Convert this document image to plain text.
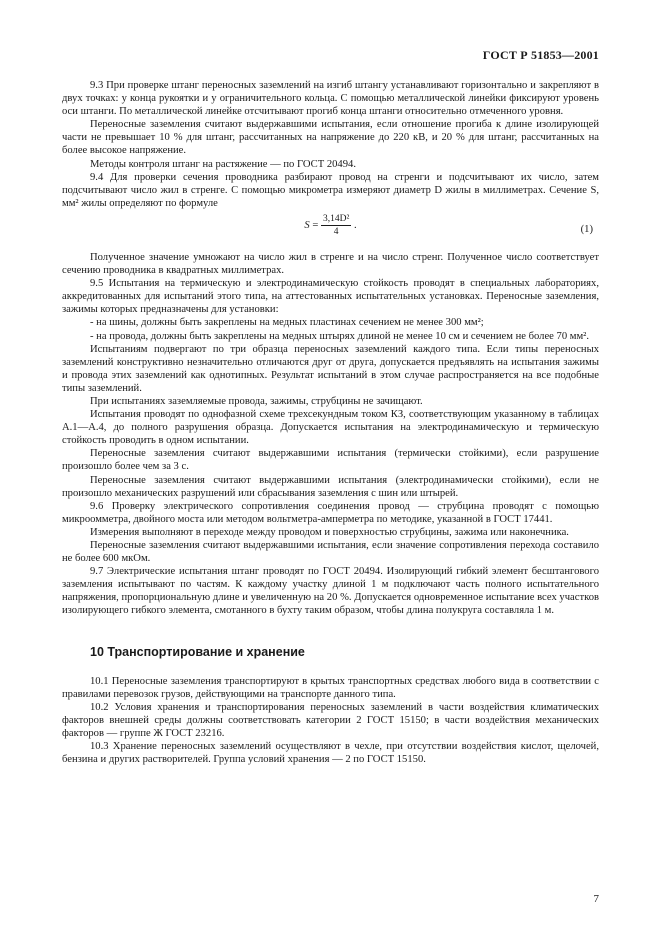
ГОСТ Р 51853—2001

9.3 При проверке штанг переносных заземлений на изгиб штангу устанавливают горизонтально и закрепляют в двух точках: у конца рукоятки и у ограничительного кольца. С помощью металлической линейки фиксируют уровень оси штанги. По металлической линейке отсчитывают прогиб конца штанги относительно отмеченного уровня.

Переносные заземления считают выдержавшими испытания, если отношение прогиба к длине изолирующей части не превышает 10 % для штанг, рассчитанных на напряжение до 220 кВ, и 20 % для штанг, рассчитанных на более высокое напряжение.

Методы контроля штанг на растяжение — по ГОСТ 20494.

9.4 Для проверки сечения проводника разбирают провод на стренги и подсчитывают их число, затем подсчитывают число жил в стренге. С помощью микрометра измеряют диаметр D жилы в миллиметрах. Сечение S, мм² жилы определяют по формуле

$S = \frac{\text{3,14D²}}{4}$ .	(1)

Полученное значение умножают на число жил в стренге и на число стренг. Полученное число соответствует сечению проводника в квадратных миллиметрах.

9.5 Испытания на термическую и электродинамическую стойкость проводят в специальных лабораториях, аккредитованных для испытаний этого типа, на аттестованных испытательных установках. Переносные заземления, зажимы которых предназначены для установки:

- на шины, должны быть закреплены на медных пластинах сечением не менее 300 мм²;

- на провода, должны быть закреплены на медных штырях длиной не менее 10 см и сечением не более 70 мм².

Испытаниям подвергают по три образца переносных заземлений каждого типа. Если типы переносных заземлений конструктивно незначительно отличаются друг от друга, допускается предъявлять на испытания зажимы и провода этих заземлений как однотипных. Результат испытаний в этом случае распространяется на все подобные типы заземлений.

При испытаниях заземляемые провода, зажимы, струбцины не зачищают.

Испытания проводят по однофазной схеме трехсекундным током КЗ, соответствующим указанному в таблицах А.1—А.4, до полного разрушения образца. Допускается испытания на электродинамическую и термическую стойкость проводить в одном испытании.

Переносные заземления считают выдержавшими испытания (термически стойкими), если разрушение произошло более чем за 3 с.

Переносные заземления считают выдержавшими испытания (электродинамически стойкими), если не произошло механических разрушений или сбрасывания заземления с шин или штырей.

9.6 Проверку электрического сопротивления соединения провод — струбцина проводят с помощью микроомметра, двойного моста или методом вольтметра-амперметра по методике, указанной в ГОСТ 17441.

Измерения выполняют в переходе между проводом и поверхностью струбцины, зажима или наконечника.

Переносные заземления считают выдержавшими испытания, если значение сопротивления перехода составило не более 600 мкОм.

9.7 Электрические испытания штанг проводят по ГОСТ 20494. Изолирующий гибкий элемент бесштангового заземления испытывают по частям. К каждому участку длиной 1 м подключают часть полного испытательного напряжения, пропорциональную длине и увеличенную на 20 %. Допускается одновременное испытание всех участков изолирующего гибкого элемента, смотанного в бухту таким образом, чтобы длина полукруга составляла 1 м.

10 Транспортирование и хранение

10.1 Переносные заземления транспортируют в крытых транспортных средствах любого вида в соответствии с правилами перевозок грузов, действующими на транспорте данного типа.

10.2 Условия хранения и транспортирования переносных заземлений в части воздействия климатических факторов внешней среды должны соответствовать категории 2 ГОСТ 15150; в части воздействия механических факторов — группе Ж ГОСТ 23216.

10.3 Хранение переносных заземлений осуществляют в чехле, при отсутствии воздействия кислот, щелочей, бензина и других растворителей. Группа условий хранения — 2 по ГОСТ 15150.

7
